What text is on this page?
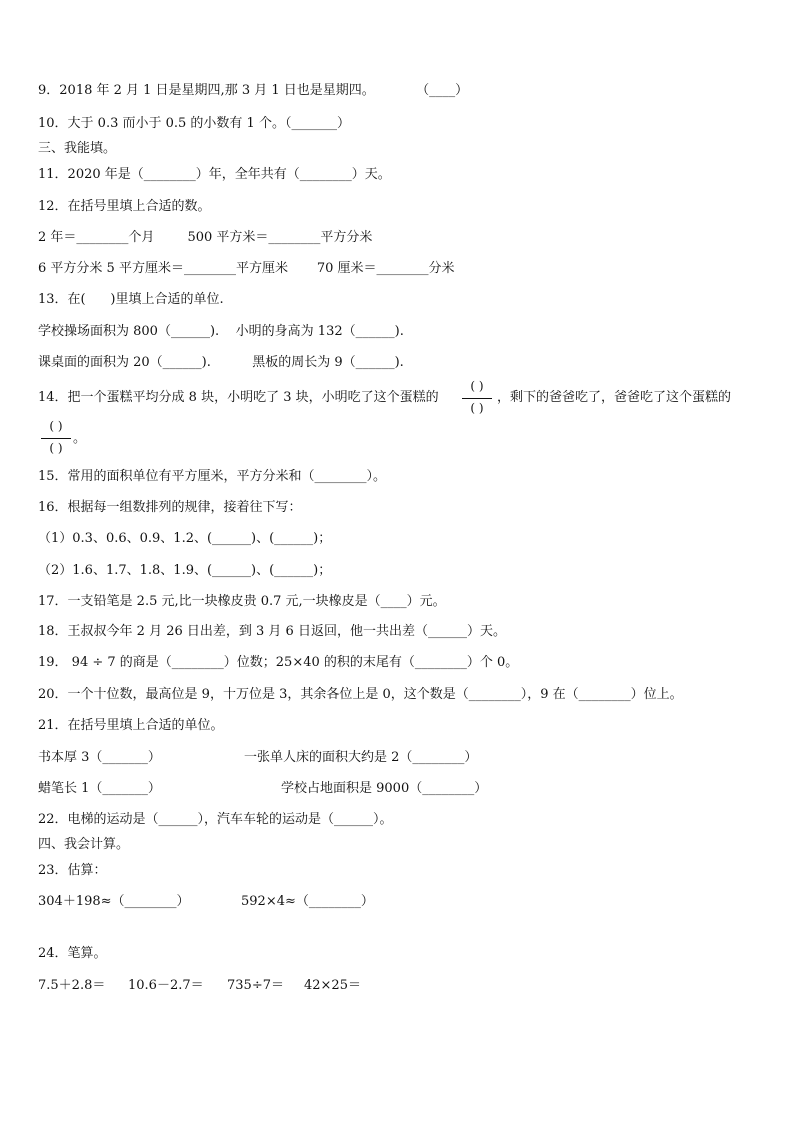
9．2018 年 2 月 1 日是星期四,那 3 月 1 日也是星期四。          （____）
10．大于 0.3 而小于 0.5 的小数有 1 个。（_______）
三、我能填。
11．2020 年是（________）年，全年共有（________）天。
12．在括号里填上合适的数。
2 年＝________个月        500 平方米＝________平方分米
6 平方分米 5 平方厘米＝________平方厘米       70 厘米＝________分米
13．在(      )里填上合适的单位.
学校操场面积为 800（______).    小明的身高为 132（______).
课桌面的面积为 20（______).          黑板的周长为 9（______).
14．把一个蛋糕平均分成 8 块，小明吃了 3 块，小明吃了这个蛋糕的
( )
( )
，剩下的爸爸吃了，爸爸吃了这个蛋糕的
( )
( )
。
15．常用的面积单位有平方厘米，平方分米和（________）。
16．根据每一组数排列的规律，接着往下写：
（1）0.3、0.6、0.9、1.2、(______)、(______)；
（2）1.6、1.7、1.8、1.9、(______)、(______)；
17．一支铅笔是 2.5 元,比一块橡皮贵 0.7 元,一块橡皮是（____）元。
18．王叔叔今年 2 月 26 日出差，到 3 月 6 日返回，他一共出差（______）天。
19． 94 ÷ 7 的商是（________）位数；25×40 的积的末尾有（________）个 0。
20．一个十位数，最高位是 9，十万位是 3，其余各位上是 0，这个数是（________），9 在（________）位上。
21．在括号里填上合适的单位。
书本厚 3（_______）	一张单人床的面积大约是 2（________）
蜡笔长 1（_______）	学校占地面积是 9000（________）
22．电梯的运动是（______），汽车车轮的运动是（______）。
四、我会计算。
23．估算：
304＋198≈（________）	592×4≈（________）
24．笔算。
7.5＋2.8＝ 10.6－2.7＝ 735÷7＝ 42×25＝
